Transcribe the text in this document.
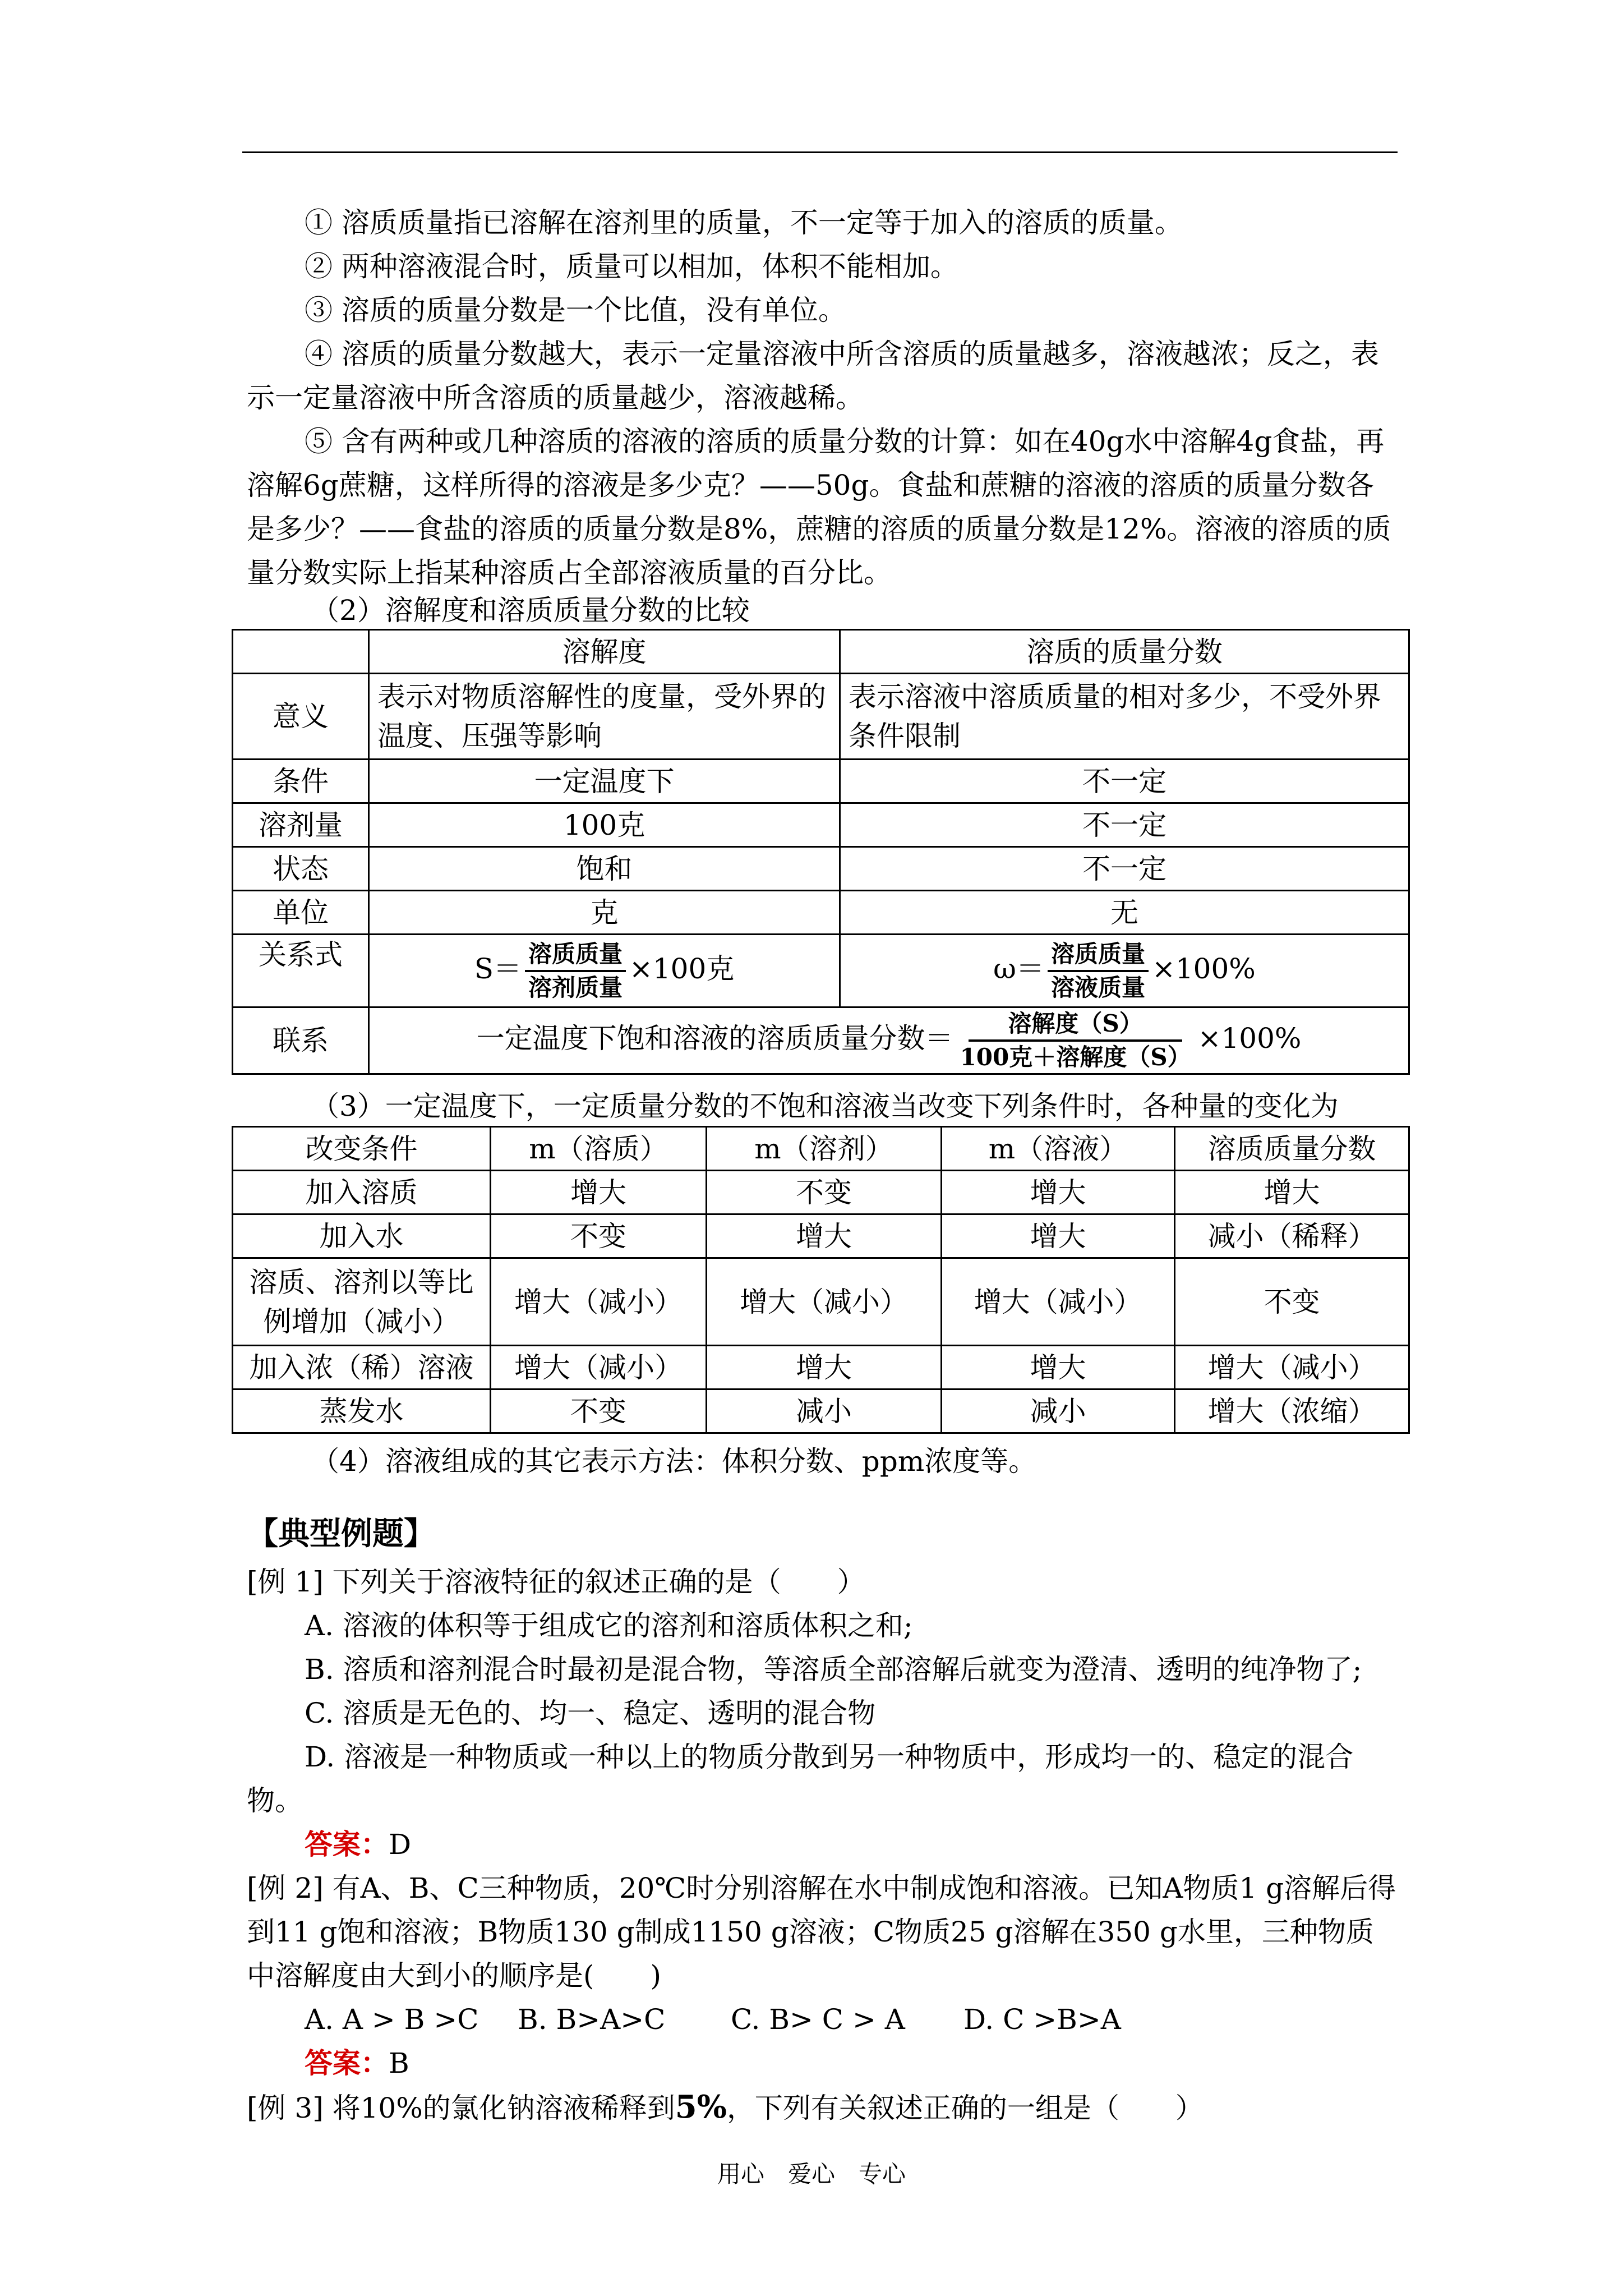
① 溶质质量指已溶解在溶剂里的质量，不一定等于加入的溶质的质量。
② 两种溶液混合时，质量可以相加，体积不能相加。
③ 溶质的质量分数是一个比值，没有单位。
④ 溶质的质量分数越大，表示一定量溶液中所含溶质的质量越多，溶液越浓；反之，表示一定量溶液中所含溶质的质量越少，溶液越稀。
⑤ 含有两种或几种溶质的溶液的溶质的质量分数的计算：如在40g水中溶解4g食盐，再溶解6g蔗糖，这样所得的溶液是多少克？——50g。食盐和蔗糖的溶液的溶质的质量分数各是多少？——食盐的溶质的质量分数是8%，蔗糖的溶质的质量分数是12%。溶液的溶质的质量分数实际上指某种溶质占全部溶液质量的百分比。
（2）溶解度和溶质质量分数的比较
	溶解度	溶质的质量分数
意义	表示对物质溶解性的度量，受外界的温度、压强等影响	表示溶液中溶质质量的相对多少，不受外界条件限制
条件	一定温度下	不一定
溶剂量	100克	不一定
状态	饱和	不一定
单位	克	无
关系式	$S= \frac{\text{溶质质量}}{\text{溶剂质量}} \times 100$克	$\omega= \frac{\text{溶质质量}}{\text{溶液质量}} \times 100\%$
联系	一定温度下饱和溶液的溶质质量分数＝ $\frac{\text{溶解度（S）}}{\text{100克＋溶解度（S）}} \times 100\%$	
（3）一定温度下，一定质量分数的不饱和溶液当改变下列条件时，各种量的变化为
改变条件	m（溶质）	m（溶剂）	m（溶液）	溶质质量分数
加入溶质	增大	不变	增大	增大
加入水	不变	增大	增大	减小（稀释）
溶质、溶剂以等比例增加（减小）	增大（减小）	增大（减小）	增大（减小）	不变
加入浓（稀）溶液	增大（减小）	增大	增大	增大（减小）
蒸发水	不变	减小	减小	增大（浓缩）
（4）溶液组成的其它表示方法：体积分数、ppm浓度等。
【典型例题】
[例 1] 下列关于溶液特征的叙述正确的是（　　）
A. 溶液的体积等于组成它的溶剂和溶质体积之和;
B. 溶质和溶剂混合时最初是混合物，等溶质全部溶解后就变为澄清、透明的纯净物了;
C. 溶质是无色的、均一、稳定、透明的混合物
D. 溶液是一种物质或一种以上的物质分散到另一种物质中，形成均一的、稳定的混合物。
答案：D
[例 2] 有A、B、C三种物质，20℃时分别溶解在水中制成饱和溶液。已知A物质1 g溶解后得到11 g饱和溶液；B物质130 g制成1150 g溶液；C物质25 g溶解在350 g水里，三种物质中溶解度由大到小的顺序是(　　)
A. A > B >C B. B>A>C C. B> C > A D. C >B>A
答案：B
[例 3] 将10%的氯化钠溶液稀释到5%，下列有关叙述正确的一组是（　　）
用心　爱心　专心
